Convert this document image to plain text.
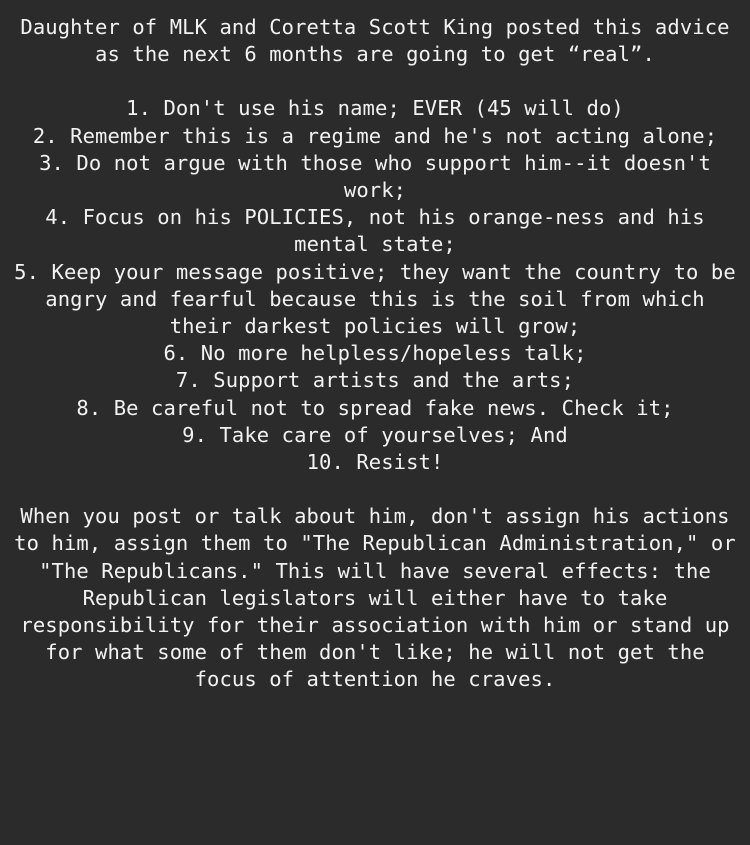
Daughter of MLK and Coretta Scott King posted this advice as the next 6 months are going to get “real”.

1. Don't use his name; EVER (45 will do)
2. Remember this is a regime and he's not acting alone;
3. Do not argue with those who support him--it doesn't work;
4. Focus on his POLICIES, not his orange-ness and his mental state;
5. Keep your message positive; they want the country to be angry and fearful because this is the soil from which their darkest policies will grow;
6. No more helpless/hopeless talk;
7. Support artists and the arts;
8. Be careful not to spread fake news. Check it;
9. Take care of yourselves; And
10. Resist!

When you post or talk about him, don't assign his actions to him, assign them to "The Republican Administration," or "The Republicans." This will have several effects: the Republican legislators will either have to take responsibility for their association with him or stand up for what some of them don't like; he will not get the focus of attention he craves.
